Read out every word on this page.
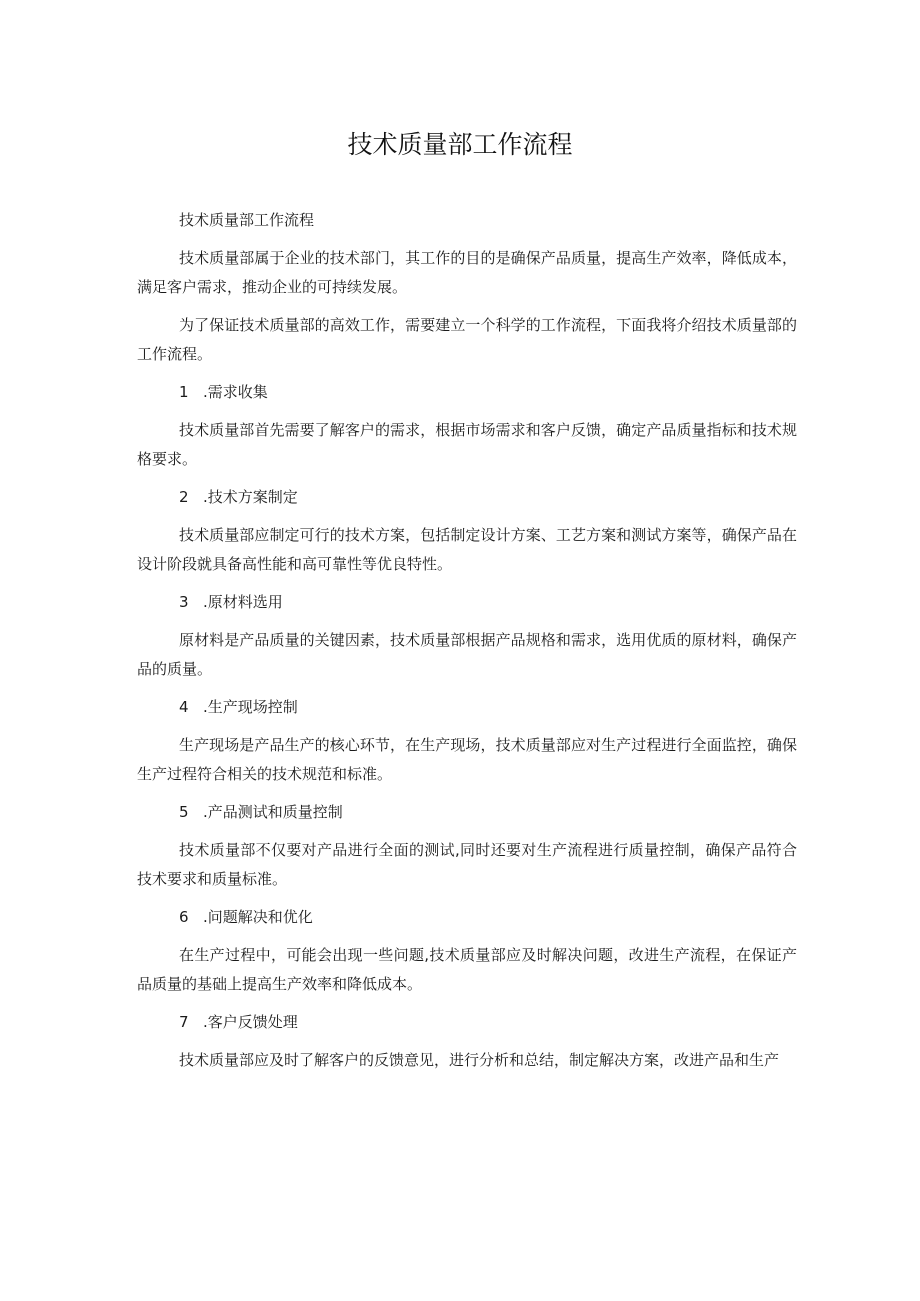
技术质量部工作流程

技术质量部工作流程

技术质量部属于企业的技术部门，其工作的目的是确保产品质量，提高生产效率，降低成本，满足客户需求，推动企业的可持续发展。

为了保证技术质量部的高效工作，需要建立一个科学的工作流程，下面我将介绍技术质量部的工作流程。

1 .需求收集

技术质量部首先需要了解客户的需求，根据市场需求和客户反馈，确定产品质量指标和技术规格要求。

2 .技术方案制定

技术质量部应制定可行的技术方案，包括制定设计方案、工艺方案和测试方案等，确保产品在设计阶段就具备高性能和高可靠性等优良特性。

3 .原材料选用

原材料是产品质量的关键因素，技术质量部根据产品规格和需求，选用优质的原材料，确保产品的质量。

4 .生产现场控制

生产现场是产品生产的核心环节，在生产现场，技术质量部应对生产过程进行全面监控，确保生产过程符合相关的技术规范和标准。

5 .产品测试和质量控制

技术质量部不仅要对产品进行全面的测试,同时还要对生产流程进行质量控制，确保产品符合技术要求和质量标准。

6 .问题解决和优化

在生产过程中，可能会出现一些问题,技术质量部应及时解决问题，改进生产流程，在保证产品质量的基础上提高生产效率和降低成本。

7 .客户反馈处理

技术质量部应及时了解客户的反馈意见，进行分析和总结，制定解决方案，改进产品和生产
